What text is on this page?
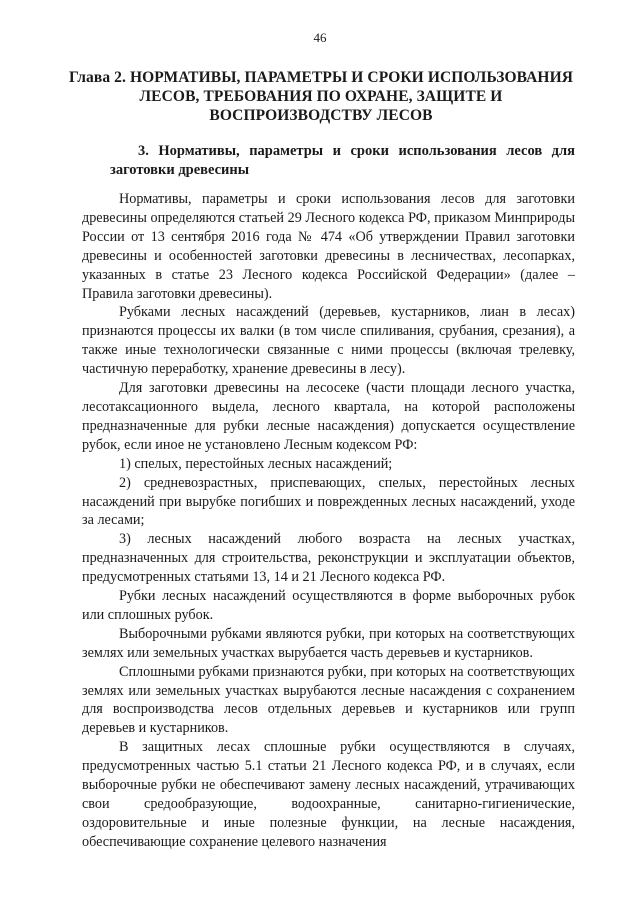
46
Глава 2. НОРМАТИВЫ, ПАРАМЕТРЫ И СРОКИ ИСПОЛЬЗОВАНИЯ ЛЕСОВ, ТРЕБОВАНИЯ ПО ОХРАНЕ, ЗАЩИТЕ И ВОСПРОИЗВОДСТВУ ЛЕСОВ
3. Нормативы, параметры и сроки использования лесов для заготовки древесины

Нормативы, параметры и сроки использования лесов для заготовки древесины определяются статьей 29 Лесного кодекса РФ, приказом Минприроды России от 13 сентября 2016 года № 474 «Об утверждении Правил заготовки древесины и особенностей заготовки древесины в лесничествах, лесопарках, указанных в статье 23 Лесного кодекса Российской Федерации» (далее – Правила заготовки древесины).

Рубками лесных насаждений (деревьев, кустарников, лиан в лесах) признаются процессы их валки (в том числе спиливания, срубания, срезания), а также иные технологически связанные с ними процессы (включая трелевку, частичную переработку, хранение древесины в лесу).

Для заготовки древесины на лесосеке (части площади лесного участка, лесотаксационного выдела, лесного квартала, на которой расположены предназначенные для рубки лесные насаждения) допускается осуществление рубок, если иное не установлено Лесным кодексом РФ:

1) спелых, перестойных лесных насаждений;

2) средневозрастных, приспевающих, спелых, перестойных лесных насаждений при вырубке погибших и поврежденных лесных насаждений, уходе за лесами;

3) лесных насаждений любого возраста на лесных участках, предназначенных для строительства, реконструкции и эксплуатации объектов, предусмотренных статьями 13, 14 и 21 Лесного кодекса РФ.

Рубки лесных насаждений осуществляются в форме выборочных рубок или сплошных рубок.

Выборочными рубками являются рубки, при которых на соответствующих землях или земельных участках вырубается часть деревьев и кустарников.

Сплошными рубками признаются рубки, при которых на соответствующих землях или земельных участках вырубаются лесные насаждения с сохранением для воспроизводства лесов отдельных деревьев и кустарников или групп деревьев и кустарников.

В защитных лесах сплошные рубки осуществляются в случаях, предусмотренных частью 5.1 статьи 21 Лесного кодекса РФ, и в случаях, если выборочные рубки не обеспечивают замену лесных насаждений, утрачивающих свои средообразующие, водоохранные, санитарно-гигиенические, оздоровительные и иные полезные функции, на лесные насаждения, обеспечивающие сохранение целевого назначения
